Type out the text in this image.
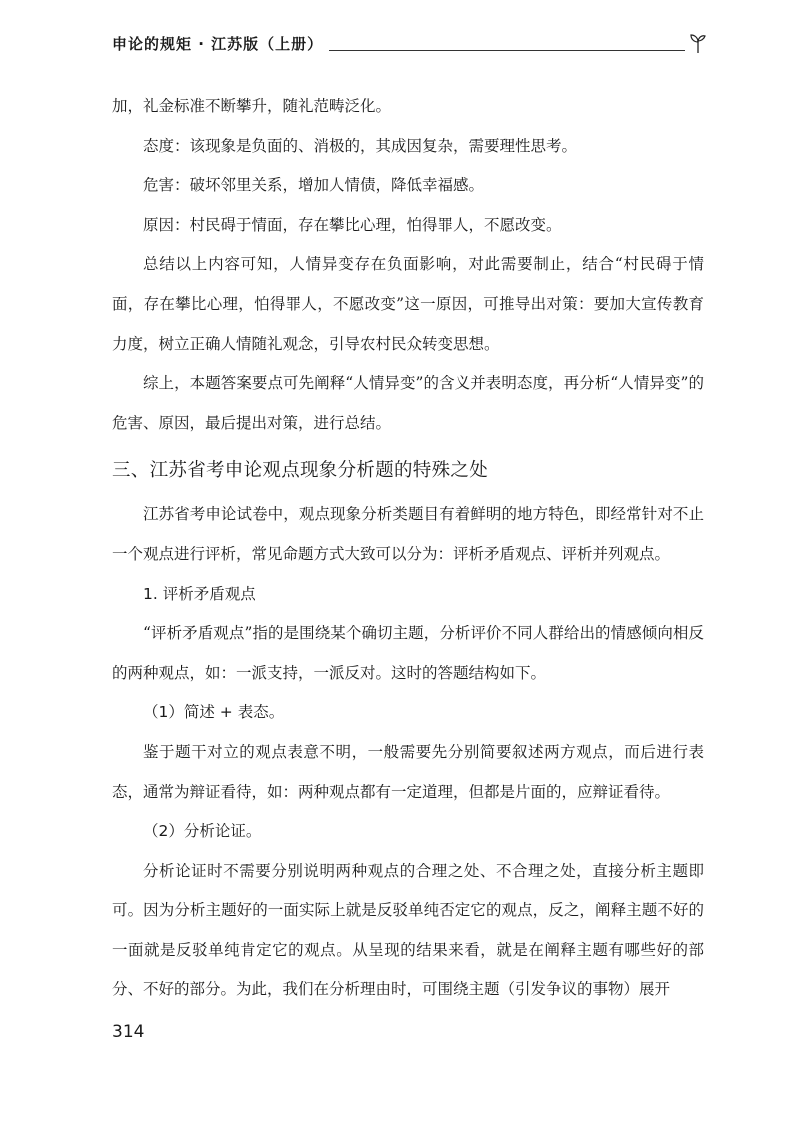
申论的规矩 · 江苏版（上册）

加，礼金标准不断攀升，随礼范畴泛化。

态度：该现象是负面的、消极的，其成因复杂，需要理性思考。

危害：破坏邻里关系，增加人情债，降低幸福感。

原因：村民碍于情面，存在攀比心理，怕得罪人，不愿改变。

总结以上内容可知，人情异变存在负面影响，对此需要制止，结合“村民碍于情面，存在攀比心理，怕得罪人，不愿改变”这一原因，可推导出对策：要加大宣传教育力度，树立正确人情随礼观念，引导农村民众转变思想。

综上，本题答案要点可先阐释“人情异变”的含义并表明态度，再分析“人情异变”的危害、原因，最后提出对策，进行总结。

三、江苏省考申论观点现象分析题的特殊之处

江苏省考申论试卷中，观点现象分析类题目有着鲜明的地方特色，即经常针对不止一个观点进行评析，常见命题方式大致可以分为：评析矛盾观点、评析并列观点。

1. 评析矛盾观点

“评析矛盾观点”指的是围绕某个确切主题，分析评价不同人群给出的情感倾向相反的两种观点，如：一派支持，一派反对。这时的答题结构如下。

（1）简述 + 表态。

鉴于题干对立的观点表意不明，一般需要先分别简要叙述两方观点，而后进行表态，通常为辩证看待，如：两种观点都有一定道理，但都是片面的，应辩证看待。

（2）分析论证。

分析论证时不需要分别说明两种观点的合理之处、不合理之处，直接分析主题即可。因为分析主题好的一面实际上就是反驳单纯否定它的观点，反之，阐释主题不好的一面就是反驳单纯肯定它的观点。从呈现的结果来看，就是在阐释主题有哪些好的部分、不好的部分。为此，我们在分析理由时，可围绕主题（引发争议的事物）展开

314
